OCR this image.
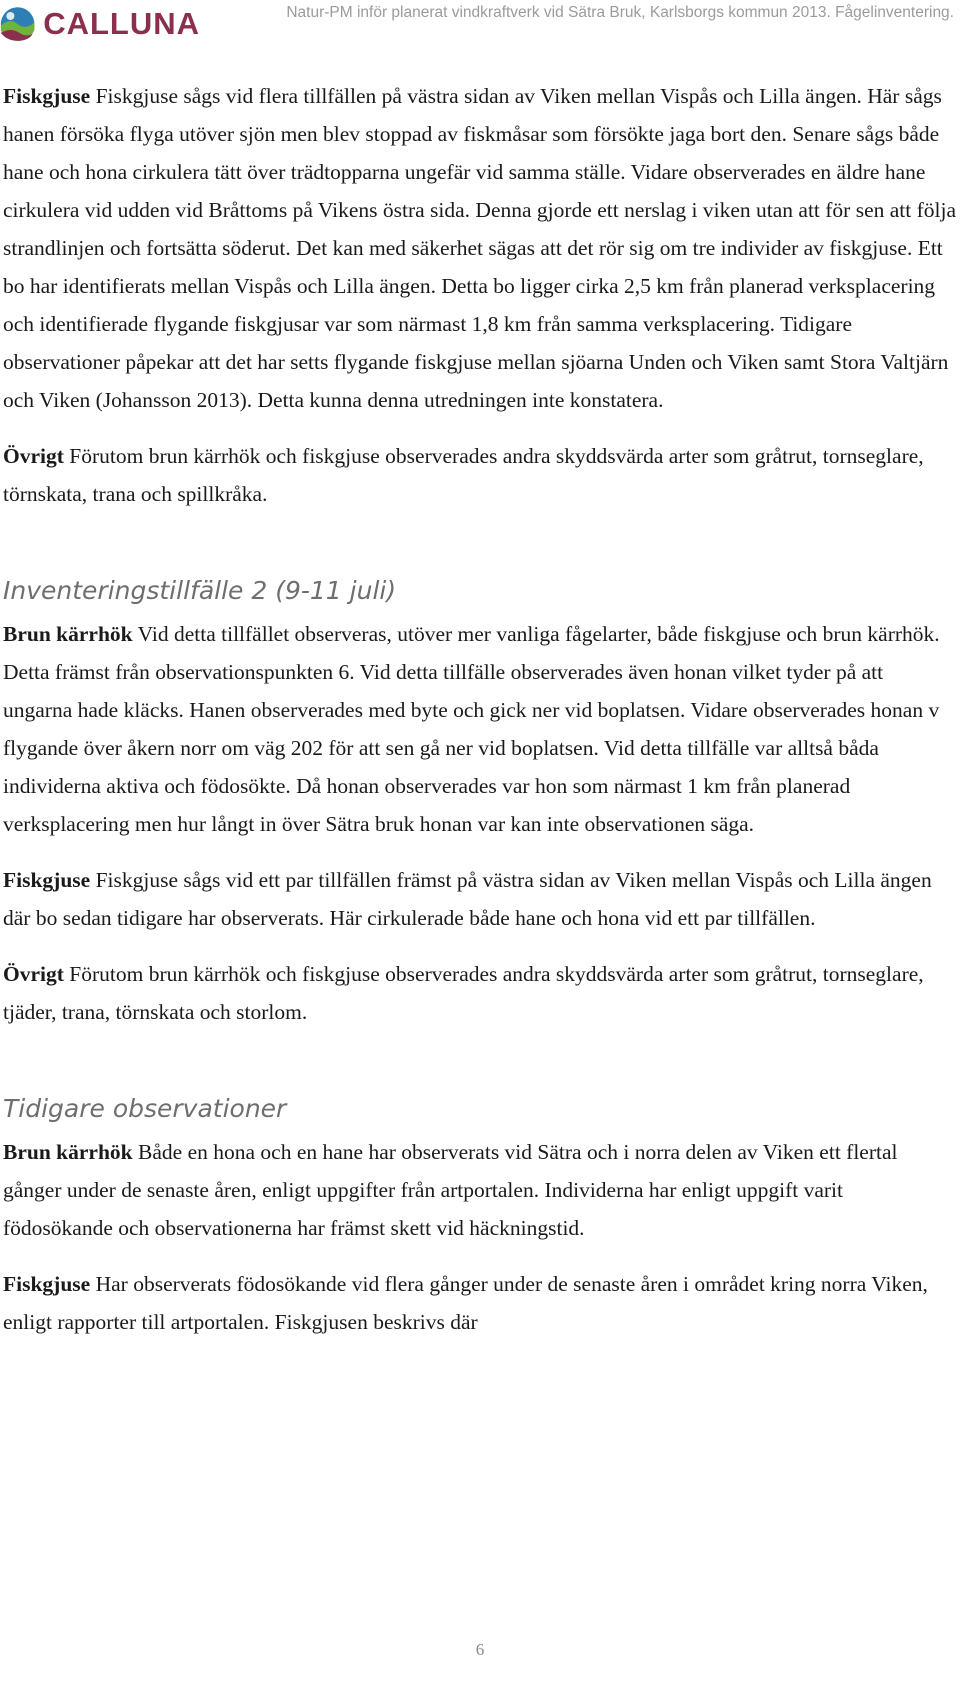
CALLUNA	Natur-PM inför planerat vindkraftverk vid Sätra Bruk, Karlsborgs kommun 2013. Fågelinventering.

Fiskgjuse Fiskgjuse sågs vid flera tillfällen på västra sidan av Viken mellan Vispås och Lilla ängen. Här sågs hanen försöka flyga utöver sjön men blev stoppad av fiskmåsar som försökte jaga bort den. Senare sågs både hane och hona cirkulera tätt över trädtopparna ungefär vid samma ställe. Vidare observerades en äldre hane cirkulera vid udden vid Bråttoms på Vikens östra sida. Denna gjorde ett nerslag i viken utan att för sen att följa strandlinjen och fortsätta söderut. Det kan med säkerhet sägas att det rör sig om tre individer av fiskgjuse. Ett bo har identifierats mellan Vispås och Lilla ängen. Detta bo ligger cirka 2,5 km från planerad verksplacering och identifierade flygande fiskgjusar var som närmast 1,8 km från samma verksplacering. Tidigare observationer påpekar att det har setts flygande fiskgjuse mellan sjöarna Unden och Viken samt Stora Valtjärn och Viken (Johansson 2013). Detta kunna denna utredningen inte konstatera.

Övrigt Förutom brun kärrhök och fiskgjuse observerades andra skyddsvärda arter som gråtrut, tornseglare, törnskata, trana och spillkråka.

Inventeringstillfälle 2 (9-11 juli)

Brun kärrhök Vid detta tillfället observeras, utöver mer vanliga fågelarter, både fiskgjuse och brun kärrhök. Detta främst från observationspunkten 6. Vid detta tillfälle observerades även honan vilket tyder på att ungarna hade kläcks. Hanen observerades med byte och gick ner vid boplatsen. Vidare observerades honan v flygande över åkern norr om väg 202 för att sen gå ner vid boplatsen. Vid detta tillfälle var alltså båda individerna aktiva och födosökte. Då honan observerades var hon som närmast 1 km från planerad verksplacering men hur långt in över Sätra bruk honan var kan inte observationen säga.

Fiskgjuse Fiskgjuse sågs vid ett par tillfällen främst på västra sidan av Viken mellan Vispås och Lilla ängen där bo sedan tidigare har observerats. Här cirkulerade både hane och hona vid ett par tillfällen.

Övrigt Förutom brun kärrhök och fiskgjuse observerades andra skyddsvärda arter som gråtrut, tornseglare, tjäder, trana, törnskata och storlom.

Tidigare observationer

Brun kärrhök Både en hona och en hane har observerats vid Sätra och i norra delen av Viken ett flertal gånger under de senaste åren, enligt uppgifter från artportalen. Individerna har enligt uppgift varit födosökande och observationerna har främst skett vid häckningstid.

Fiskgjuse Har observerats födosökande vid flera gånger under de senaste åren i området kring norra Viken, enligt rapporter till artportalen. Fiskgjusen beskrivs där

6
